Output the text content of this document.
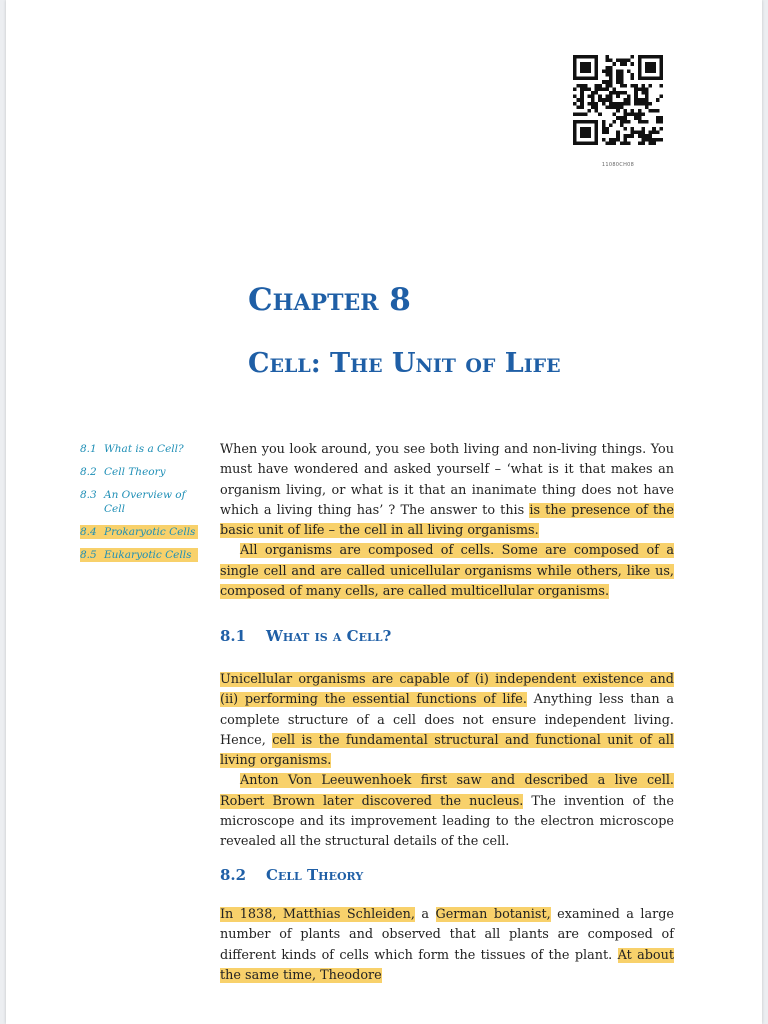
11080CH08
Chapter 8
Cell: The Unit of Life
8.1 What is a Cell?
8.2 Cell Theory
8.3 An Overview of Cell
8.4 Prokaryotic Cells
8.5 Eukaryotic Cells

When you look around, you see both living and non-living things. You must have wondered and asked yourself – ‘what is it that makes an organism living, or what is it that an inanimate thing does not have which a living thing has’ ? The answer to this is the presence of the basic unit of life – the cell in all living organisms.

All organisms are composed of cells. Some are composed of a single cell and are called unicellular organisms while others, like us, composed of many cells, are called multicellular organisms.

8.1 What is a Cell?

Unicellular organisms are capable of (i) independent existence and (ii) performing the essential functions of life. Anything less than a complete structure of a cell does not ensure independent living. Hence, cell is the fundamental structural and functional unit of all living organisms.

Anton Von Leeuwenhoek first saw and described a live cell. Robert Brown later discovered the nucleus. The invention of the microscope and its improvement leading to the electron microscope revealed all the structural details of the cell.

8.2 Cell Theory

In 1838, Matthias Schleiden, a German botanist, examined a large number of plants and observed that all plants are composed of different kinds of cells which form the tissues of the plant. At about the same time, Theodore
